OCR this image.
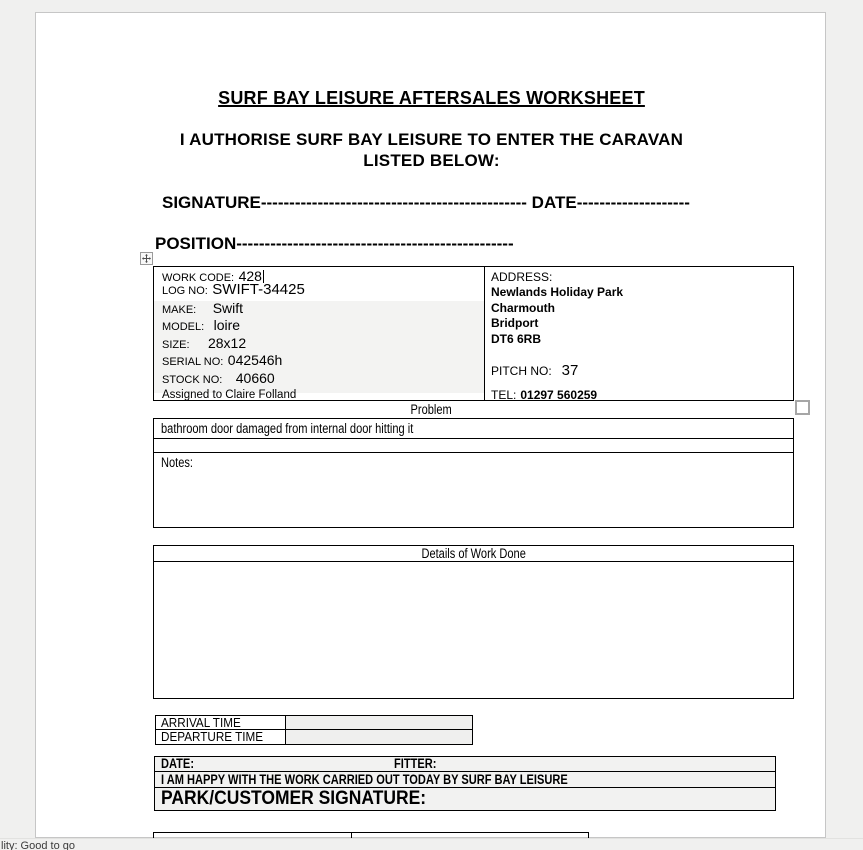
SURF BAY LEISURE AFTERSALES WORKSHEET
I AUTHORISE SURF BAY LEISURE TO ENTER THE CARAVAN
LISTED BELOW:
SIGNATURE----------------------------------------------- DATE--------------------
POSITION-------------------------------------------------
WORK CODE: 428
LOG NO: SWIFT-34425
MAKE: Swift
MODEL: loire
SIZE: 28x12
SERIAL NO: 042546h
STOCK NO: 40660
Assigned to Claire Folland
ADDRESS:
Newlands Holiday Park
Charmouth
Bridport
DT6 6RB
PITCH NO: 37
TEL: 01297 560259
Problem
bathroom door damaged from internal door hitting it
Notes:
Details of Work Done
ARRIVAL TIME
DEPARTURE TIME
DATE:	FITTER:
I AM HAPPY WITH THE WORK CARRIED OUT TODAY BY SURF BAY LEISURE
PARK/CUSTOMER SIGNATURE:
lity: Good to go
